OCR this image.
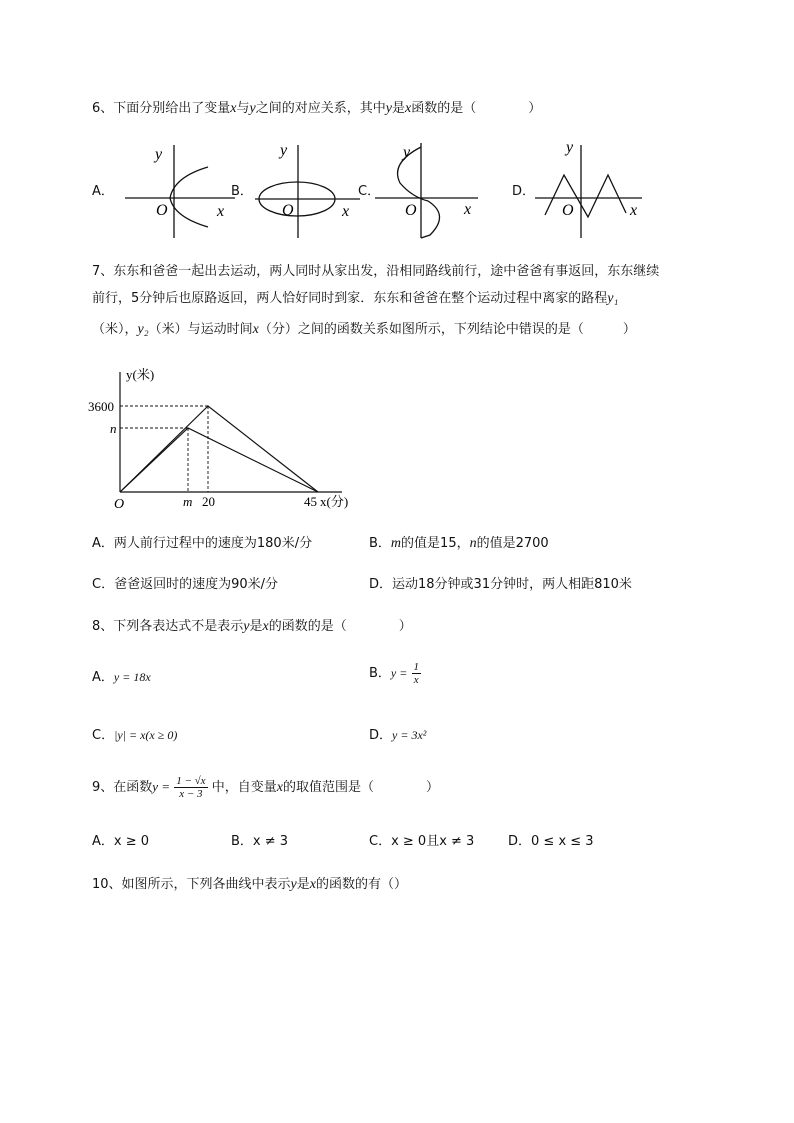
6、下面分别给出了变量x与y之间的对应关系，其中y是x函数的是（　　　　）
A．	B．	C．	D．
y
x
O
y
x
O
y
x
O
y
x
O
7、东东和爸爸一起出去运动，两人同时从家出发，沿相同路线前行，途中爸爸有事返回，东东继续
前行，5分钟后也原路返回，两人恰好同时到家．东东和爸爸在整个运动过程中离家的路程y₁
（米），y₂（米）与运动时间x（分）之间的函数关系如图所示，下列结论中错误的是（　　　）
y(米)
3600
n
O	m 20	45 x(分)
A．两人前行过程中的速度为180米/分	B．m的值是15，n的值是2700
C．爸爸返回时的速度为90米/分	D．运动18分钟或31分钟时，两人相距810米
8、下列各表达式不是表示y是x的函数的是（　　　　）
A．y = 18x	B．$y = \frac{1}{x}$
C．|y| = x(x ≥ 0)	D．y = 3x²
9、在函数$y = \frac{1 - √x}{x - 3}$ 中，自变量x的取值范围是（　　　　）
A．x ≥ 0	B．x ≠ 3	C．x ≥ 0且x ≠ 3	D．0 ≤ x ≤ 3
10、如图所示，下列各曲线中表示y是x的函数的有（）
